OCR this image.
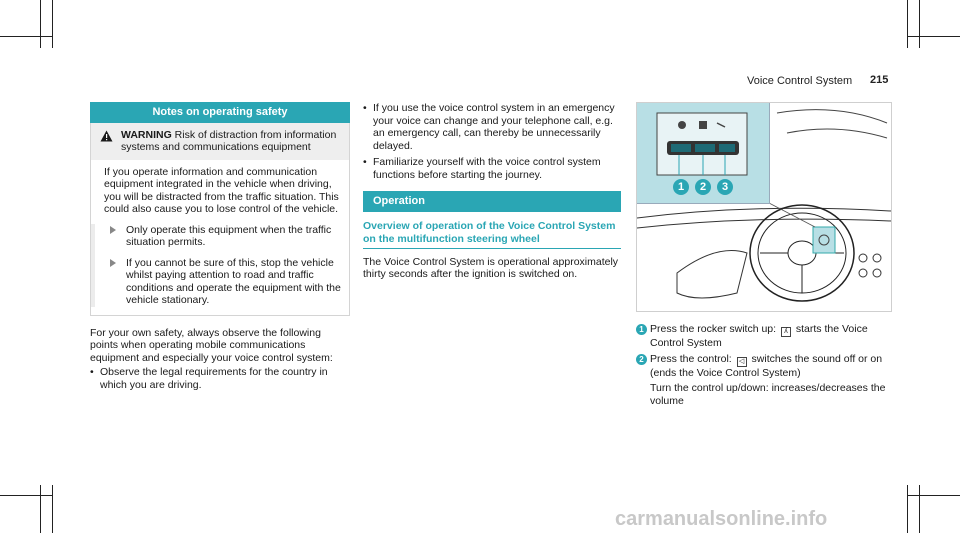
Voice Control System 215
Notes on operating safety

WARNING Risk of distraction from information systems and communications equipment

If you operate information and communication equipment integrated in the vehicle when driving, you will be distracted from the traffic situation. This could also cause you to lose control of the vehicle.

Only operate this equipment when the traffic situation permits.
If you cannot be sure of this, stop the vehicle whilst paying attention to road and traffic conditions and operate the equipment with the vehicle stationary.

For your own safety, always observe the following points when operating mobile communications equipment and especially your voice control system:

• Observe the legal requirements for the country in which you are driving.
• If you use the voice control system in an emergency your voice can change and your telephone call, e.g. an emergency call, can thereby be unnecessarily delayed.
• Familiarize yourself with the voice control system functions before starting the journey.
Operation
Overview of operation of the Voice Control System on the multifunction steering wheel

The Voice Control System is operational approximately thirty seconds after the ignition is switched on.

1	2	3
1 Press the rocker switch up: ʎ starts the Voice Control System
2 Press the control: ◁ switches the sound off or on (ends the Voice Control System)

Turn the control up/down: increases/decreases the volume

carmanualsonline.info
